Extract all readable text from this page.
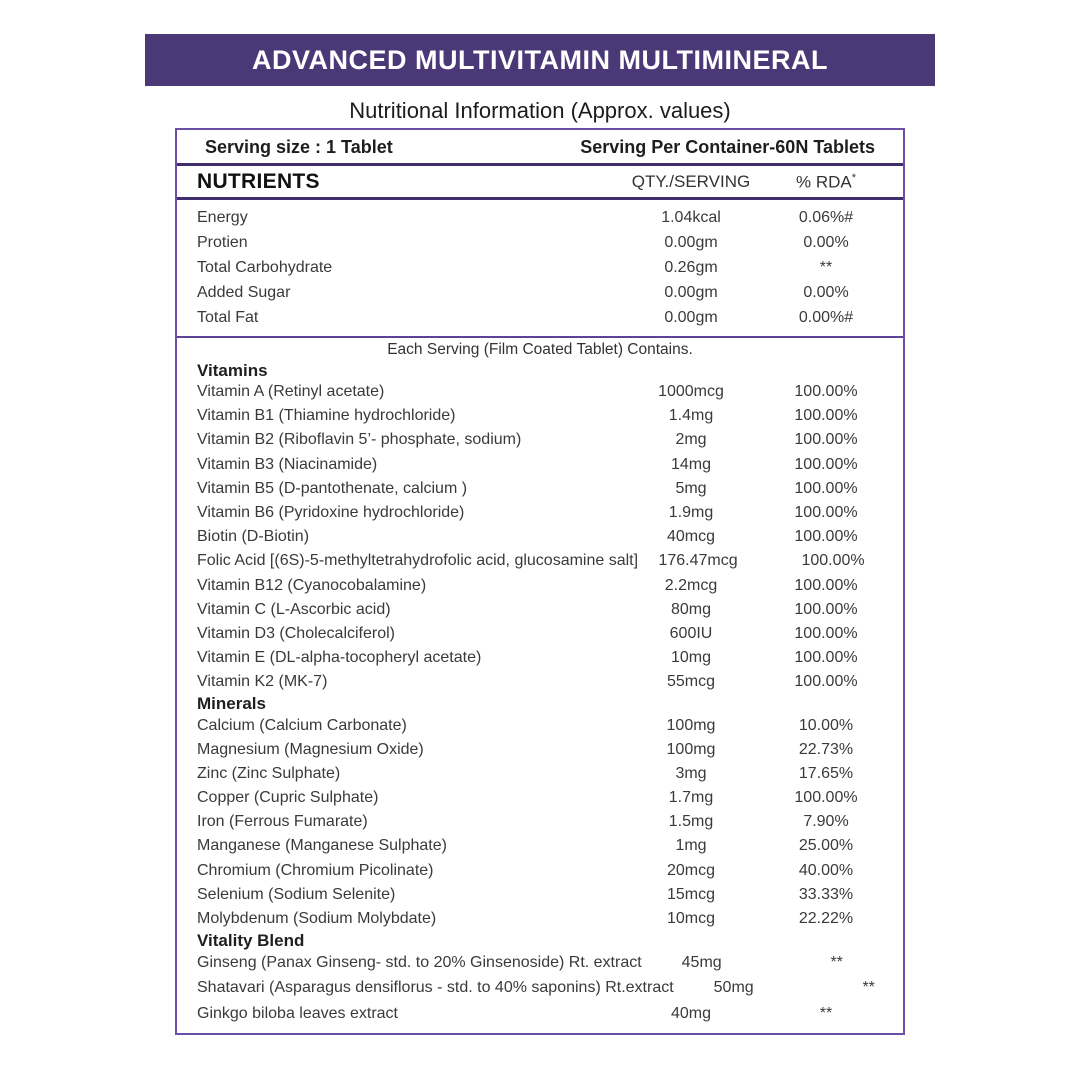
ADVANCED MULTIVITAMIN MULTIMINERAL
Nutritional Information (Approx. values)
Serving size : 1 Tablet	Serving Per Container-60N Tablets
NUTRIENTS	QTY./SERVING	% RDA*
Energy	1.04kcal	0.06%#
Protien	0.00gm	0.00%
Total Carbohydrate	0.26gm	**
Added Sugar	0.00gm	0.00%
Total Fat	0.00gm	0.00%#
Each Serving (Film Coated Tablet) Contains.
Vitamins
Vitamin A (Retinyl acetate)	1000mcg	100.00%
Vitamin B1 (Thiamine hydrochloride)	1.4mg	100.00%
Vitamin B2 (Riboflavin 5’- phosphate, sodium)	2mg	100.00%
Vitamin B3 (Niacinamide)	14mg	100.00%
Vitamin B5 (D-pantothenate, calcium )	5mg	100.00%
Vitamin B6 (Pyridoxine hydrochloride)	1.9mg	100.00%
Biotin (D-Biotin)	40mcg	100.00%
Folic Acid [(6S)-5-methyltetrahydrofolic acid, glucosamine salt]	176.47mcg	100.00%
Vitamin B12 (Cyanocobalamine)	2.2mcg	100.00%
Vitamin C (L-Ascorbic acid)	80mg	100.00%
Vitamin D3 (Cholecalciferol)	600IU	100.00%
Vitamin E (DL-alpha-tocopheryl acetate)	10mg	100.00%
Vitamin K2 (MK-7)	55mcg	100.00%
Minerals
Calcium (Calcium Carbonate)	100mg	10.00%
Magnesium (Magnesium Oxide)	100mg	22.73%
Zinc (Zinc Sulphate)	3mg	17.65%
Copper (Cupric Sulphate)	1.7mg	100.00%
Iron (Ferrous Fumarate)	1.5mg	7.90%
Manganese (Manganese Sulphate)	1mg	25.00%
Chromium (Chromium Picolinate)	20mcg	40.00%
Selenium (Sodium Selenite)	15mcg	33.33%
Molybdenum (Sodium Molybdate)	10mcg	22.22%
Vitality Blend
Ginseng (Panax Ginseng- std. to 20% Ginsenoside) Rt. extract	45mg	**
Shatavari (Asparagus densiflorus - std. to 40% saponins) Rt.extract	50mg	**
Ginkgo biloba leaves extract	40mg	**
